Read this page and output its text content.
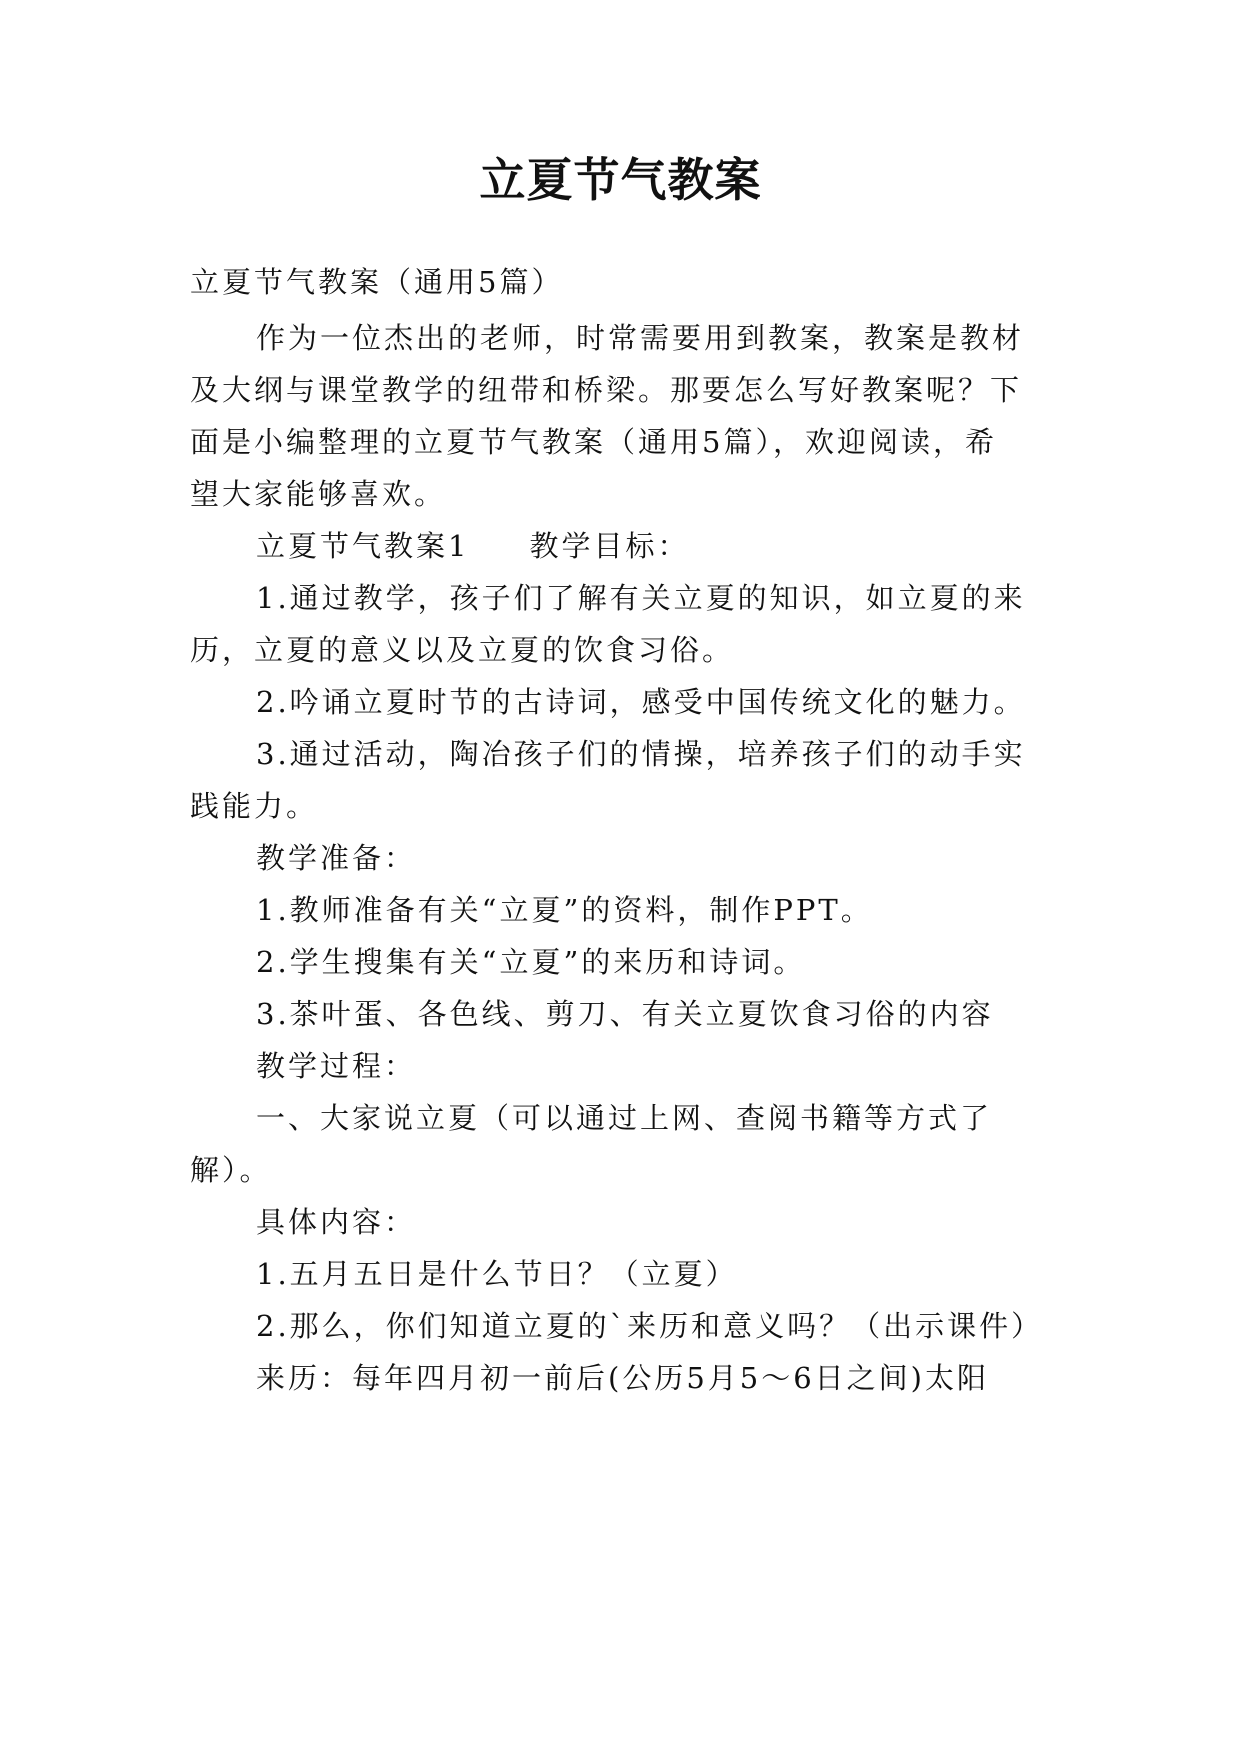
立夏节气教案
立夏节气教案（通用5篇）
作为一位杰出的老师，时常需要用到教案，教案是教材
及大纲与课堂教学的纽带和桥梁。那要怎么写好教案呢？下
面是小编整理的立夏节气教案（通用5篇），欢迎阅读，希
望大家能够喜欢。
立夏节气教案1 教学目标：
1.通过教学，孩子们了解有关立夏的知识，如立夏的来
历，立夏的意义以及立夏的饮食习俗。
2.吟诵立夏时节的古诗词，感受中国传统文化的魅力。
3.通过活动，陶冶孩子们的情操，培养孩子们的动手实
践能力。
教学准备：
1.教师准备有关“立夏”的资料，制作PPT。
2.学生搜集有关“立夏”的来历和诗词。
3.茶叶蛋、各色线、剪刀、有关立夏饮食习俗的内容
教学过程：
一、大家说立夏（可以通过上网、查阅书籍等方式了
解）。
具体内容：
1.五月五日是什么节日？（立夏）
2.那么，你们知道立夏的`来历和意义吗？（出示课件）
来历：每年四月初一前后(公历5月5～6日之间)太阳
